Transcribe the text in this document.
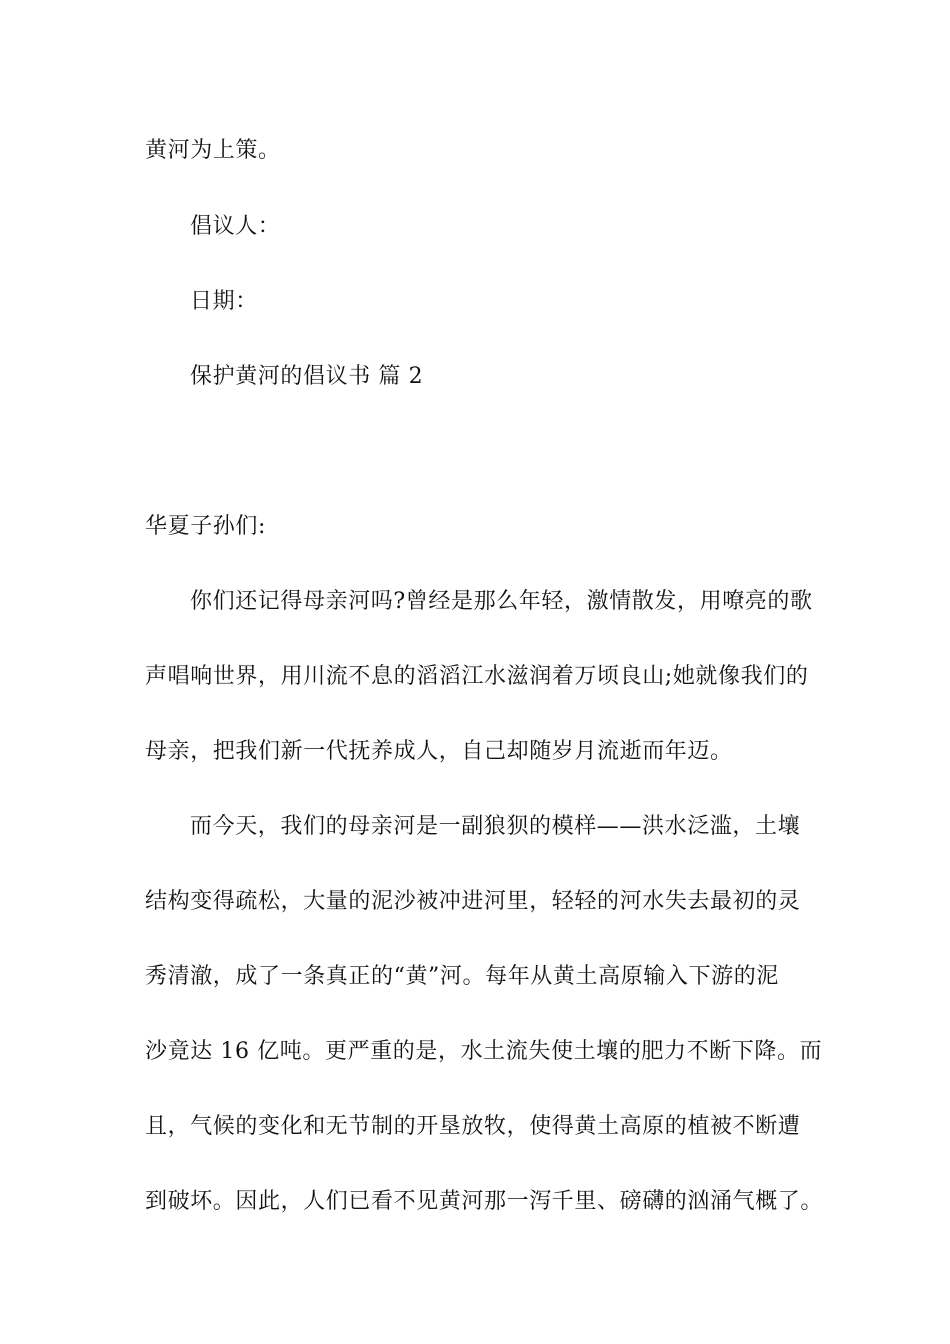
黄河为上策。
倡议人：
日期：
保护黄河的倡议书 篇 2
华夏子孙们:
你们还记得母亲河吗?曾经是那么年轻，激情散发，用嘹亮的歌
声唱响世界，用川流不息的滔滔江水滋润着万顷良山;她就像我们的
母亲，把我们新一代抚养成人，自己却随岁月流逝而年迈。
而今天，我们的母亲河是一副狼狈的模样——洪水泛滥，土壤
结构变得疏松，大量的泥沙被冲进河里，轻轻的河水失去最初的灵
秀清澈，成了一条真正的“黄”河。每年从黄土高原输入下游的泥
沙竟达 16 亿吨。更严重的是，水土流失使土壤的肥力不断下降。而
且，气候的变化和无节制的开垦放牧，使得黄土高原的植被不断遭
到破坏。因此，人们已看不见黄河那一泻千里、磅礴的汹涌气概了。
